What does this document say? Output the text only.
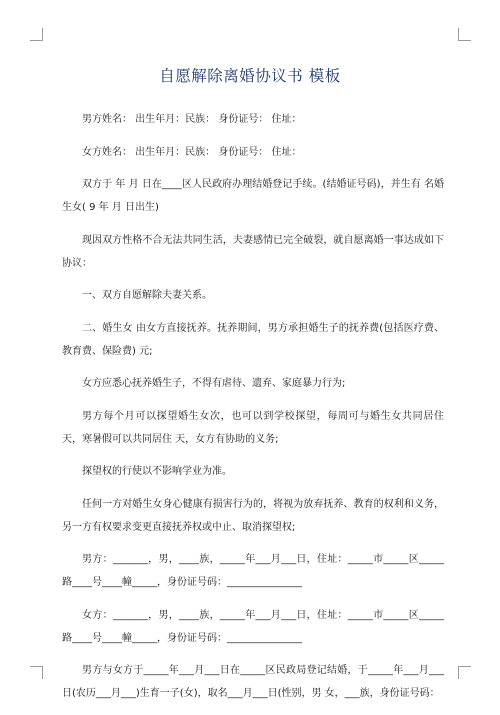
自愿解除离婚协议书 模板

男方姓名： 出生年月：民族： 身份证号： 住址：

女方姓名： 出生年月：民族： 身份证号： 住址：

双方于 年 月 日在____区人民政府办理结婚登记手续。(结婚证号码)，并生有 名婚生女( 9 年 月 日出生)

现因双方性格不合无法共同生活，夫妻感情已完全破裂，就自愿离婚一事达成如下协议：

一、双方自愿解除夫妻关系。

二、婚生女 由女方直接抚养。抚养期间，男方承担婚生子的抚养费(包括医疗费、教育费、保险费) 元;

女方应悉心抚养婚生子，不得有虐待、遗弃、家庭暴力行为;

男方每个月可以探望婚生女次，也可以到学校探望，每周可与婚生女共同居住 天，寒暑假可以共同居住 天，女方有协助的义务;

探望权的行使以不影响学业为准。

任何一方对婚生女身心健康有损害行为的，将视为放弃抚养、教育的权利和义务，另一方有权要求变更直接抚养权或中止、取消探望权;

男方：_______，男，____族，_____年___月___日，住址：_____市_____区_____路____号____幢_____，身份证号码：_______________

女方：_______，男，____族，_____年___月___日，住址：_____市_____区_____路____号____幢_____，身份证号码：_______________

男方与女方于_____年___月___日在_____区民政局登记结婚，于_____年___月___日(农历___月___)生育一子(女)，取名___月___日(性别，男 女，___族，身份证号码：
